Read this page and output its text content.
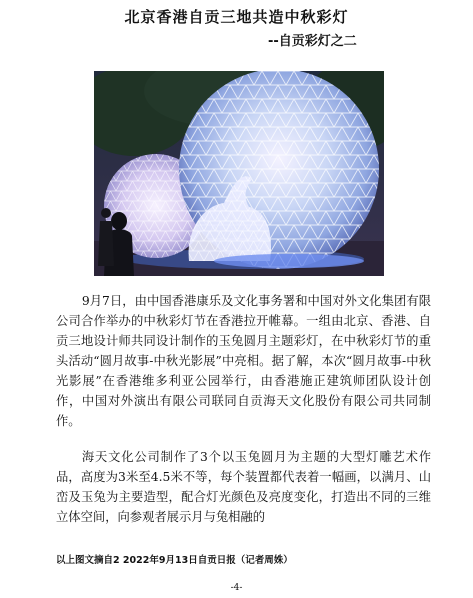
北京香港自贡三地共造中秋彩灯
--自贡彩灯之二

9月7日，由中国香港康乐及文化事务署和中国对外文化集团有限公司合作举办的中秋彩灯节在香港拉开帷幕。一组由北京、香港、自贡三地设计师共同设计制作的玉兔圆月主题彩灯，在中秋彩灯节的重头活动“圆月故事-中秋光影展”中亮相。据了解，本次“圆月故事-中秋光影展”在香港维多利亚公园举行，由香港施正建筑师团队设计创作，中国对外演出有限公司联同自贡海天文化股份有限公司共同制作。

海天文化公司制作了3个以玉兔圆月为主题的大型灯雕艺术作品，高度为3米至4.5米不等，每个装置都代表着一幅画，以满月、山峦及玉兔为主要造型，配合灯光颜色及亮度变化，打造出不同的三维立体空间，向参观者展示月与兔相融的

以上图文摘自2 2022年9月13日自贡日报（记者周姝）

-4-
